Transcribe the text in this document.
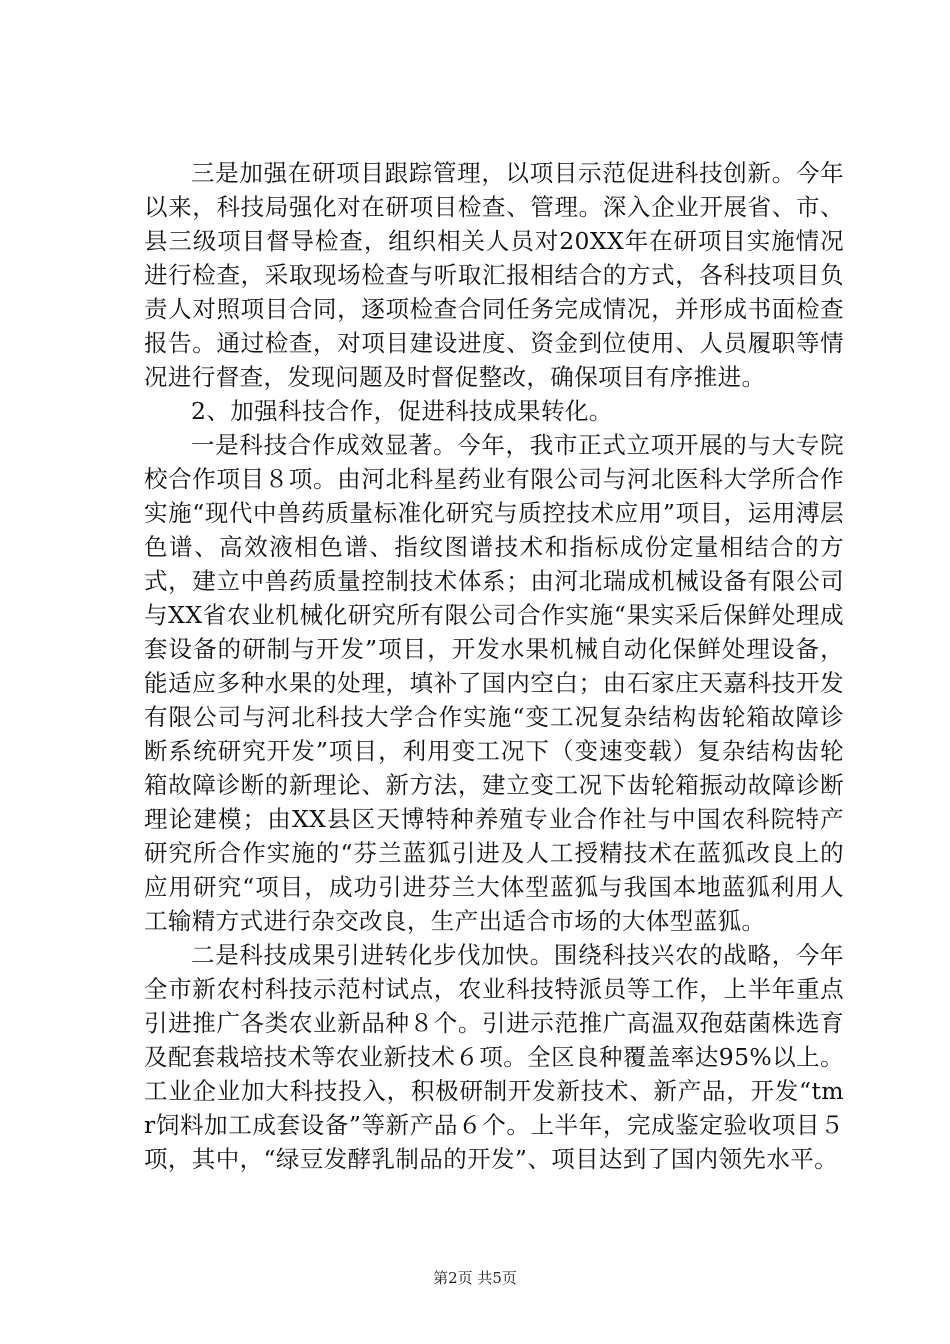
三是加强在研项目跟踪管理，以项目示范促进科技创新。今年以来，科技局强化对在研项目检查、管理。深入企业开展省、市、县三级项目督导检查，组织相关人员对20XX年在研项目实施情况进行检查，采取现场检查与听取汇报相结合的方式，各科技项目负责人对照项目合同，逐项检查合同任务完成情况，并形成书面检查报告。通过检查，对项目建设进度、资金到位使用、人员履职等情况进行督查，发现问题及时督促整改，确保项目有序推进。

2、加强科技合作，促进科技成果转化。

一是科技合作成效显著。今年，我市正式立项开展的与大专院校合作项目８项。由河北科星药业有限公司与河北医科大学所合作实施“现代中兽药质量标准化研究与质控技术应用”项目，运用溥层色谱、高效液相色谱、指纹图谱技术和指标成份定量相结合的方式，建立中兽药质量控制技术体系；由河北瑞成机械设备有限公司与XX省农业机械化研究所有限公司合作实施“果实采后保鲜处理成套设备的研制与开发”项目，开发水果机械自动化保鲜处理设备，能适应多种水果的处理，填补了国内空白；由石家庄天嘉科技开发有限公司与河北科技大学合作实施“变工况复杂结构齿轮箱故障诊断系统研究开发”项目，利用变工况下（变速变载）复杂结构齿轮箱故障诊断的新理论、新方法，建立变工况下齿轮箱振动故障诊断理论建模；由XX县区天博特种养殖专业合作社与中国农科院特产研究所合作实施的“芬兰蓝狐引进及人工授精技术在蓝狐改良上的应用研究“项目，成功引进芬兰大体型蓝狐与我国本地蓝狐利用人工输精方式进行杂交改良，生产出适合市场的大体型蓝狐。

二是科技成果引进转化步伐加快。围绕科技兴农的战略，今年全市新农村科技示范村试点，农业科技特派员等工作，上半年重点引进推广各类农业新品种８个。引进示范推广高温双孢菇菌株选育及配套栽培技术等农业新技术６项。全区良种覆盖率达95%以上。工业企业加大科技投入，积极研制开发新技术、新产品，开发“tmr饲料加工成套设备”等新产品６个。上半年，完成鉴定验收项目５项，其中，“绿豆发酵乳制品的开发”、项目达到了国内领先水平。

第2页 共5页
